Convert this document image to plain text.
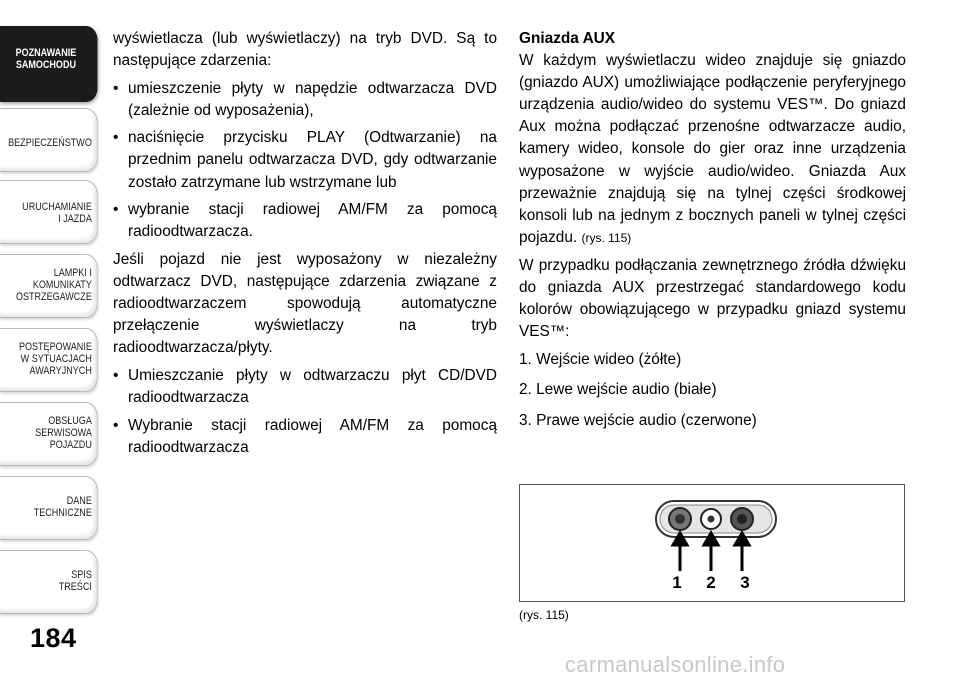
POZNAWANIE
SAMOCHODU
BEZPIECZEŃSTWO
URUCHAMIANIE
I JAZDA
LAMPKI I
KOMUNIKATY
OSTRZEGAWCZE
POSTĘPOWANIE
W SYTUACJACH
AWARYJNYCH
OBSŁUGA
SERWISOWA
POJAZDU
DANE
TECHNICZNE
SPIS
TREŚCI
184

wyświetlacza (lub wyświetlaczy) na tryb DVD. Są to następujące zdarzenia:

• umieszczenie płyty w napędzie odtwarzacza DVD (zależnie od wyposażenia),
• naciśnięcie przycisku PLAY (Odtwarzanie) na przednim panelu odtwarzacza DVD, gdy odtwarzanie zostało zatrzymane lub wstrzymane lub
• wybranie stacji radiowej AM/FM za pomocą radioodtwarzacza.

Jeśli pojazd nie jest wyposażony w niezależny odtwarzacz DVD, następujące zdarzenia związane z radioodtwarzaczem spowodują automatyczne przełączenie wyświetlaczy na tryb radioodtwarzacza/płyty.

• Umieszczanie płyty w odtwarzaczu płyt CD/DVD radioodtwarzacza
• Wybranie stacji radiowej AM/FM za pomocą radioodtwarzacza

Gniazda AUX

W każdym wyświetlaczu wideo znajduje się gniazdo (gniazdo AUX) umożliwiające podłączenie peryferyjnego urządzenia audio/wideo do systemu VES™. Do gniazd Aux można podłączać przenośne odtwarzacze audio, kamery wideo, konsole do gier oraz inne urządzenia wyposażone w wyjście audio/wideo. Gniazda Aux przeważnie znajdują się na tylnej części środkowej konsoli lub na jednym z bocznych paneli w tylnej części pojazdu. (rys. 115)

W przypadku podłączania zewnętrznego źródła dźwięku do gniazda AUX przestrzegać standardowego kodu kolorów obowiązującego w przypadku gniazd systemu VES™:

1. Wejście wideo (żółte)
2. Lewe wejście audio (białe)
3. Prawe wejście audio (czerwone)
1 2 3
(rys. 115)
carmanualsonline.info
